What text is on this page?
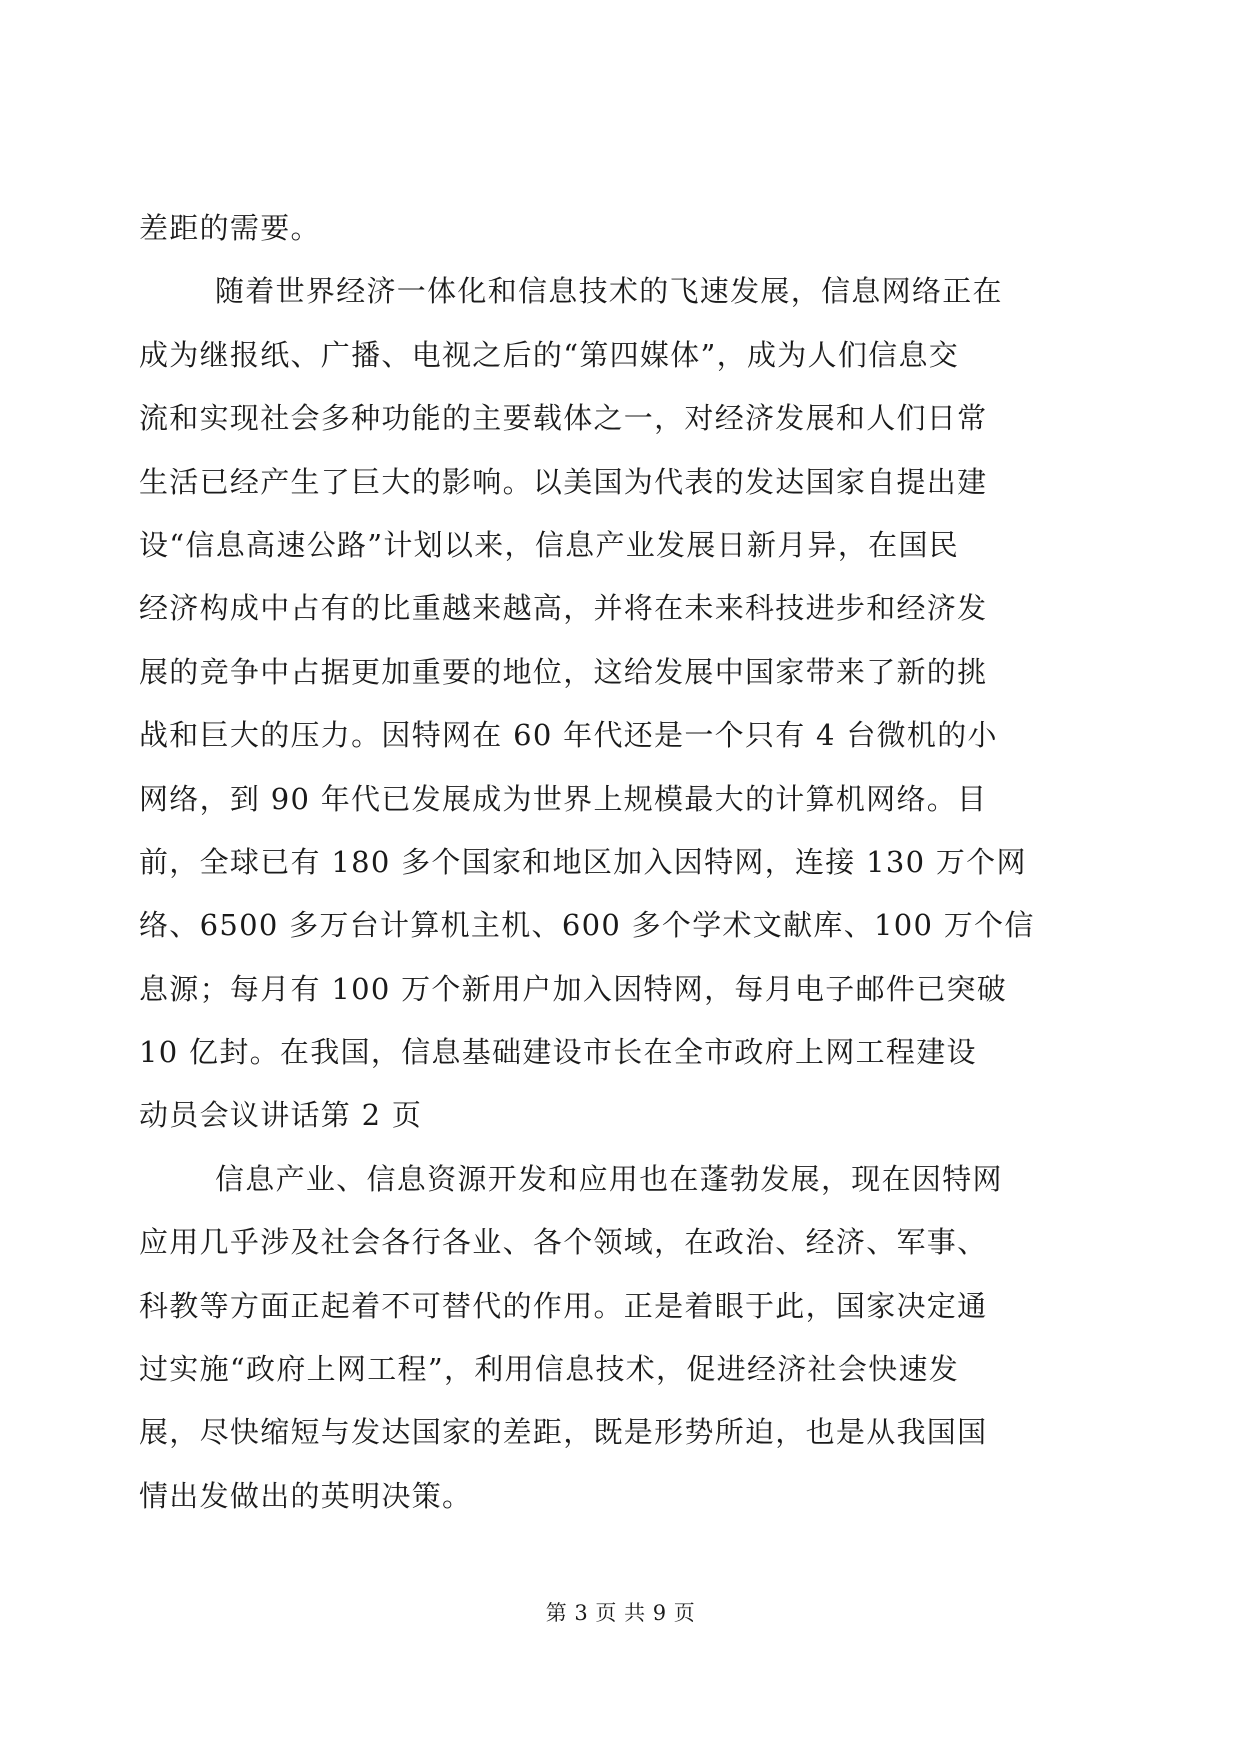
差距的需要。
随着世界经济一体化和信息技术的飞速发展，信息网络正在
成为继报纸、广播、电视之后的“第四媒体”，成为人们信息交
流和实现社会多种功能的主要载体之一，对经济发展和人们日常
生活已经产生了巨大的影响。以美国为代表的发达国家自提出建
设“信息高速公路”计划以来，信息产业发展日新月异，在国民
经济构成中占有的比重越来越高，并将在未来科技进步和经济发
展的竞争中占据更加重要的地位，这给发展中国家带来了新的挑
战和巨大的压力。因特网在 60 年代还是一个只有 4 台微机的小
网络，到 90 年代已发展成为世界上规模最大的计算机网络。目
前，全球已有 180 多个国家和地区加入因特网，连接 130 万个网
络、6500 多万台计算机主机、600 多个学术文献库、100 万个信
息源；每月有 100 万个新用户加入因特网，每月电子邮件已突破
10 亿封。在我国，信息基础建设市长在全市政府上网工程建设
动员会议讲话第 2 页
信息产业、信息资源开发和应用也在蓬勃发展，现在因特网
应用几乎涉及社会各行各业、各个领域，在政治、经济、军事、
科教等方面正起着不可替代的作用。正是着眼于此，国家决定通
过实施“政府上网工程”，利用信息技术，促进经济社会快速发
展，尽快缩短与发达国家的差距，既是形势所迫，也是从我国国
情出发做出的英明决策。
第 3 页 共 9 页
